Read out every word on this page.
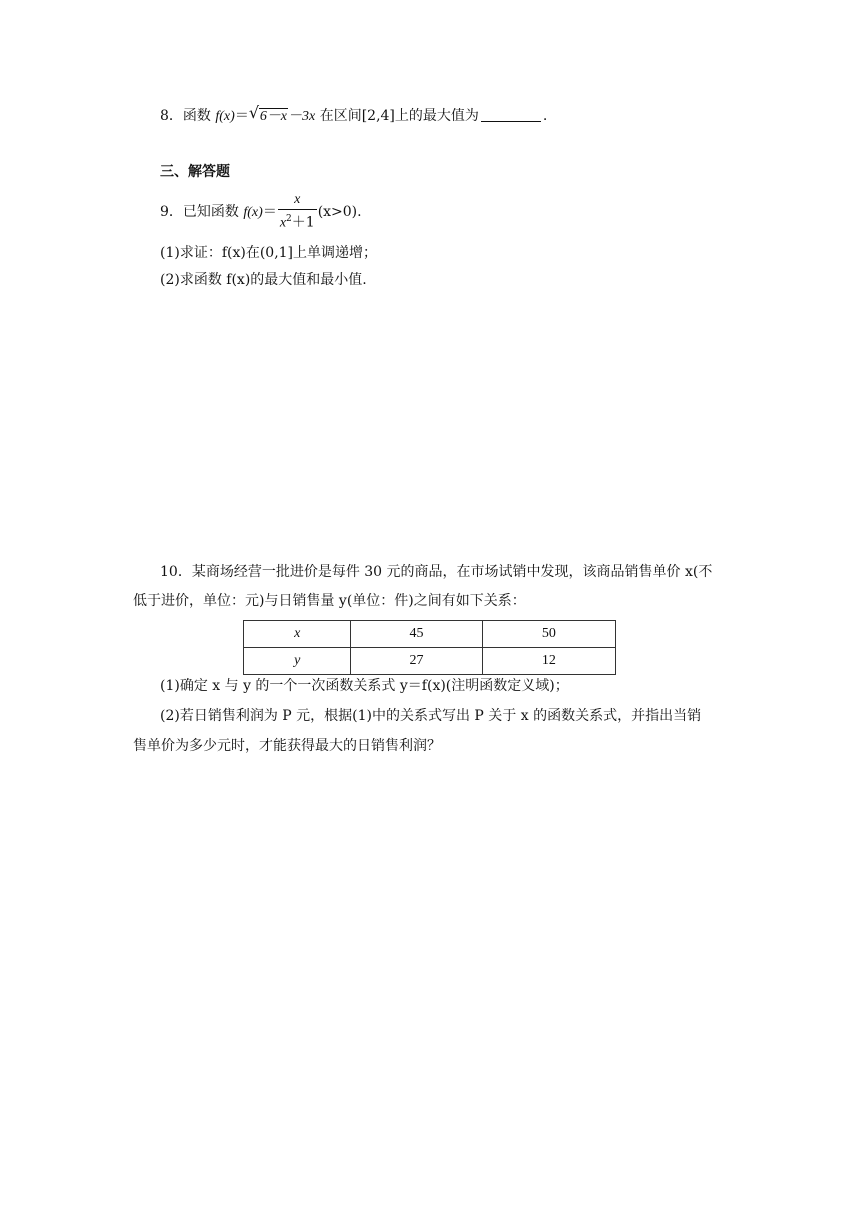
8．函数 f(x)＝ √ 6－x－3x 在区间[2,4]上的最大值为	.
三、解答题
9．已知函数 $f(x)= \frac{x}{x^2+1} (x>0)$.
(1)求证：f(x)在(0,1]上单调递增；
(2)求函数 f(x)的最大值和最小值.
10．某商场经营一批进价是每件 30 元的商品，在市场试销中发现，该商品销售单价 x(不
低于进价，单位：元)与日销售量 y(单位：件)之间有如下关系：
x	45	50
y	27	12
(1)确定 x 与 y 的一个一次函数关系式 y＝f(x)(注明函数定义域)；
(2)若日销售利润为 P 元，根据(1)中的关系式写出 P 关于 x 的函数关系式，并指出当销
售单价为多少元时，才能获得最大的日销售利润？
